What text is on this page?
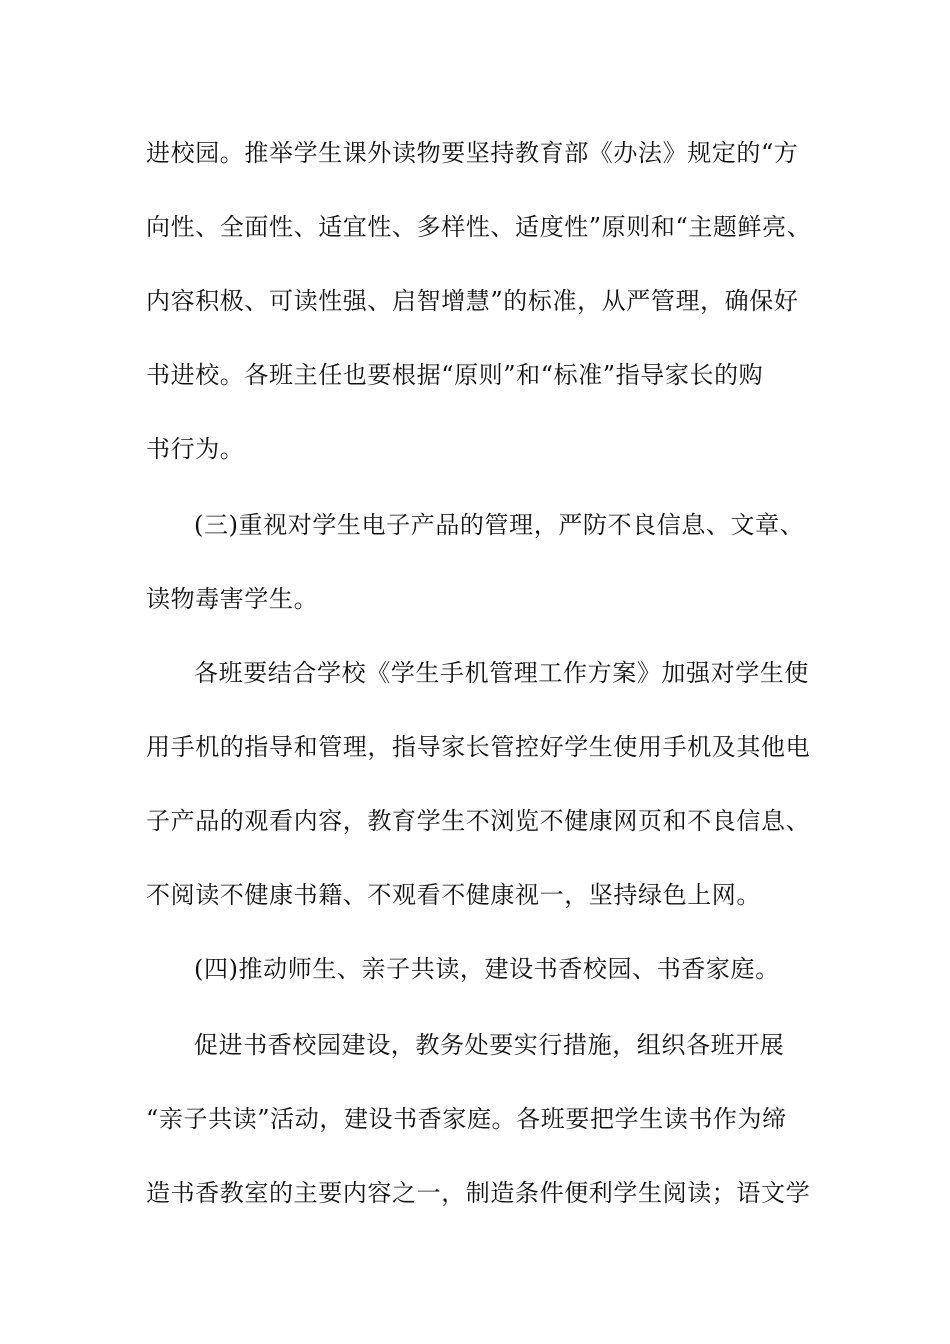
进校园。推举学生课外读物要坚持教育部《办法》规定的“方
向性、全面性、适宜性、多样性、适度性”原则和“主题鲜亮、
内容积极、可读性强、启智增慧”的标准，从严管理，确保好
书进校。各班主任也要根据“原则”和“标准”指导家长的购
书行为。
(三)重视对学生电子产品的管理，严防不良信息、文章、
读物毒害学生。
各班要结合学校《学生手机管理工作方案》加强对学生使
用手机的指导和管理，指导家长管控好学生使用手机及其他电
子产品的观看内容，教育学生不浏览不健康网页和不良信息、
不阅读不健康书籍、不观看不健康视一，坚持绿色上网。
(四)推动师生、亲子共读，建设书香校园、书香家庭。
促进书香校园建设，教务处要实行措施，组织各班开展
“亲子共读”活动，建设书香家庭。各班要把学生读书作为缔
造书香教室的主要内容之一，制造条件便利学生阅读；语文学
